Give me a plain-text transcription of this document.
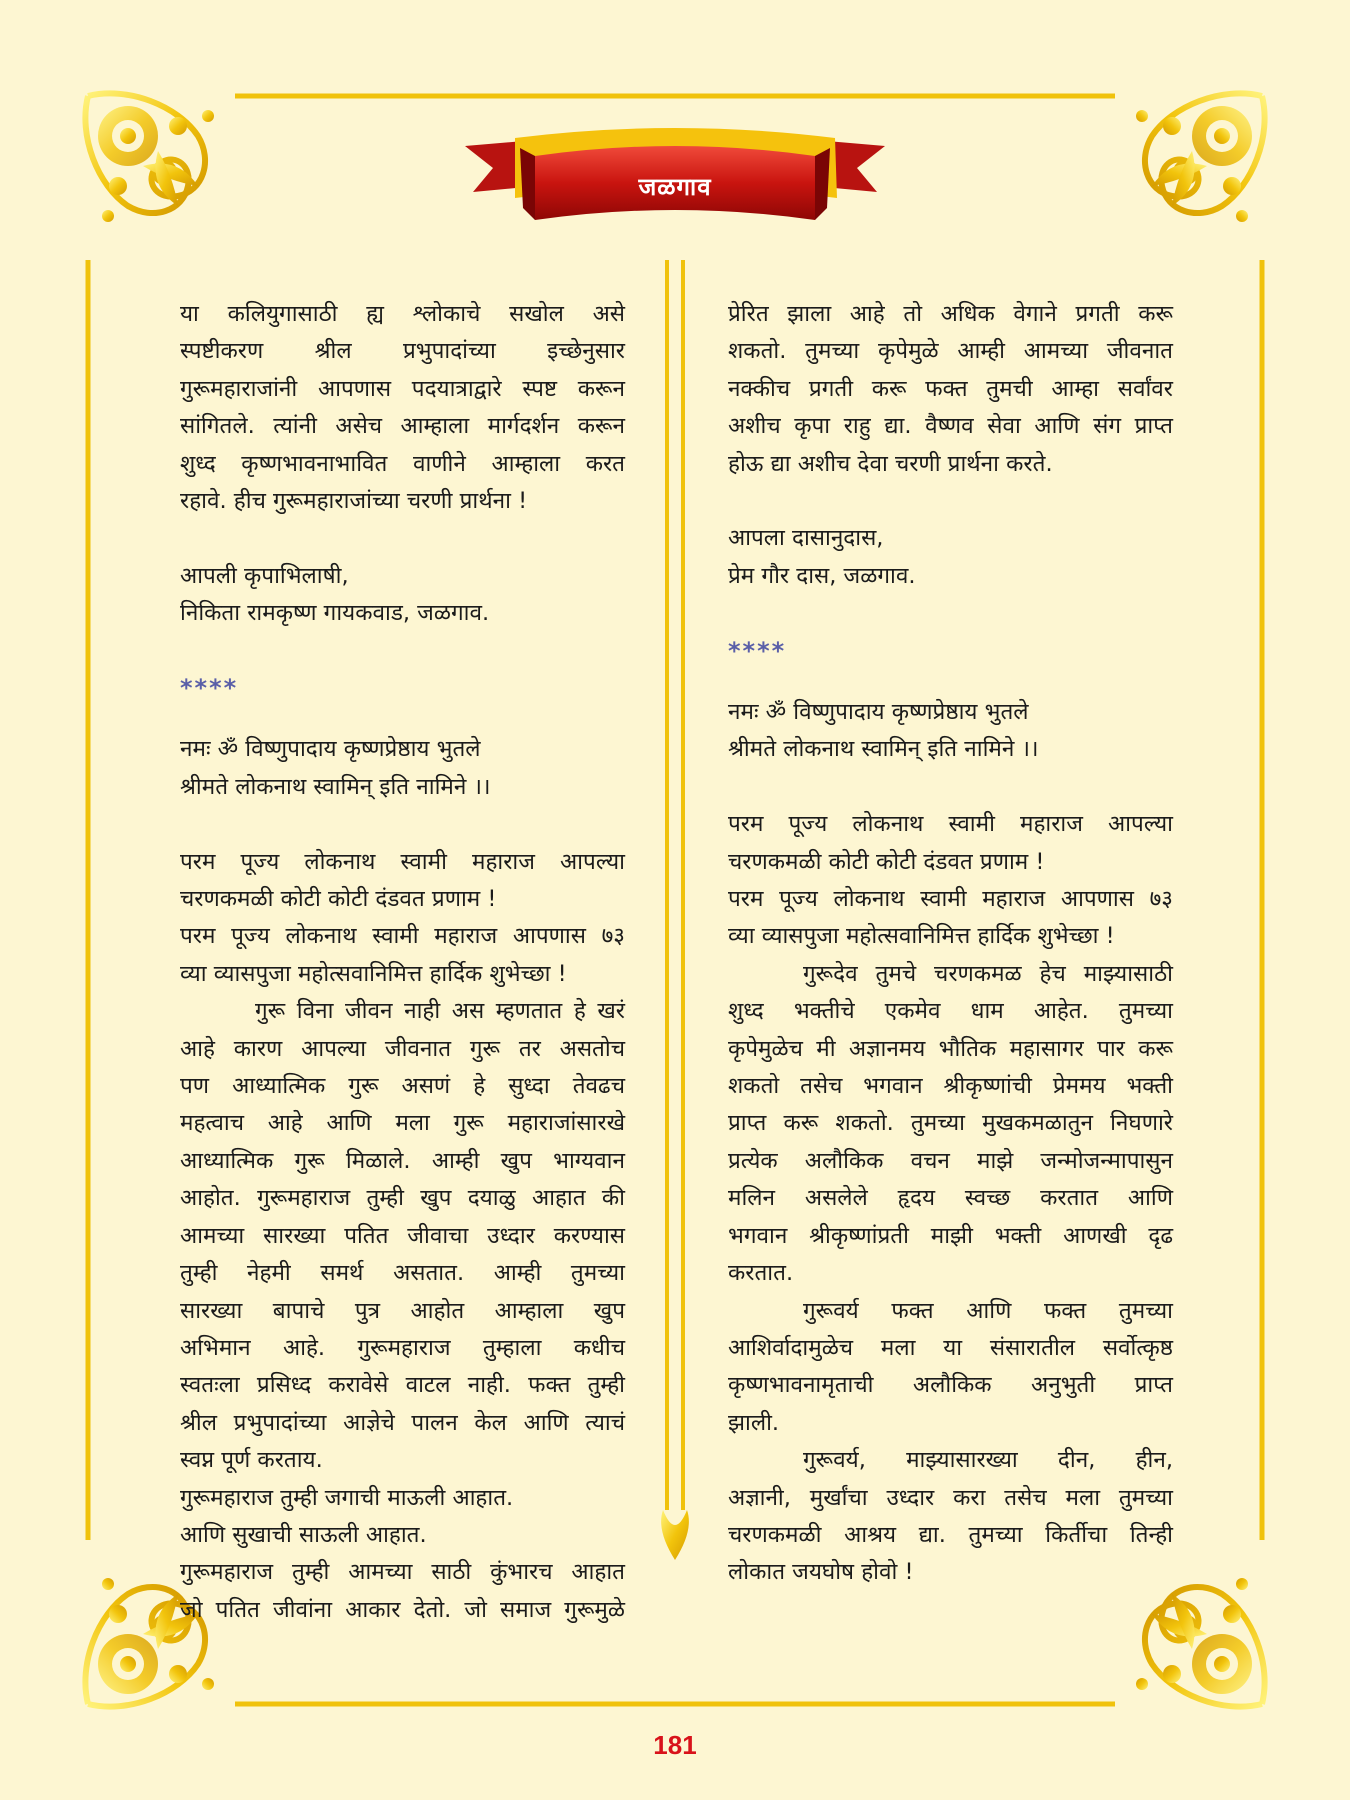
जळगाव

या कलियुगासाठी ह्य श्लोकाचे सखोल असे

स्पष्टीकरण श्रील प्रभुपादांच्या इच्छेनुसार

गुरूमहाराजांनी आपणास पदयात्राद्वारे स्पष्ट करून

सांगितले. त्यांनी असेच आम्हाला मार्गदर्शन करून

शुध्द कृष्णभावनाभावित वाणीने आम्हाला करत

रहावे. हीच गुरूमहाराजांच्या चरणी प्रार्थना !

आपली कृपाभिलाषी,

निकिता रामकृष्ण गायकवाड, जळगाव.

****

नमः ॐ विष्णुपादाय कृष्णप्रेष्ठाय भुतले

श्रीमते लोकनाथ स्वामिन् इति नामिने ।।

परम पूज्य लोकनाथ स्वामी महाराज आपल्या

चरणकमळी कोटी कोटी दंडवत प्रणाम !

परम पूज्य लोकनाथ स्वामी महाराज आपणास ७३

व्या व्यासपुजा महोत्सवानिमित्त हार्दिक शुभेच्छा !

गुरू विना जीवन नाही अस म्हणतात हे खरं

आहे कारण आपल्या जीवनात गुरू तर असतोच

पण आध्यात्मिक गुरू असणं हे सुध्दा तेवढच

महत्वाच आहे आणि मला गुरू महाराजांसारखे

आध्यात्मिक गुरू मिळाले. आम्ही खुप भाग्यवान

आहोत. गुरूमहाराज तुम्ही खुप दयाळु आहात की

आमच्या सारख्या पतित जीवाचा उध्दार करण्यास

तुम्ही नेहमी समर्थ असतात. आम्ही तुमच्या

सारख्या बापाचे पुत्र आहोत आम्हाला खुप

अभिमान आहे. गुरूमहाराज तुम्हाला कधीच

स्वतःला प्रसिध्द करावेसे वाटल नाही. फक्त तुम्ही

श्रील प्रभुपादांच्या आज्ञेचे पालन केल आणि त्याचं

स्वप्न पूर्ण करताय.

गुरूमहाराज तुम्ही जगाची माऊली आहात.

आणि सुखाची साऊली आहात.

गुरूमहाराज तुम्ही आमच्या साठी कुंभारच आहात

जो पतित जीवांना आकार देतो. जो समाज गुरूमुळे

प्रेरित झाला आहे तो अधिक वेगाने प्रगती करू

शकतो. तुमच्या कृपेमुळे आम्ही आमच्या जीवनात

नक्कीच प्रगती करू फक्त तुमची आम्हा सर्वांवर

अशीच कृपा राहु द्या. वैष्णव सेवा आणि संग प्राप्त

होऊ द्या अशीच देवा चरणी प्रार्थना करते.

आपला दासानुदास,

प्रेम गौर दास, जळगाव.

****

नमः ॐ विष्णुपादाय कृष्णप्रेष्ठाय भुतले

श्रीमते लोकनाथ स्वामिन् इति नामिने ।।

परम पूज्य लोकनाथ स्वामी महाराज आपल्या

चरणकमळी कोटी कोटी दंडवत प्रणाम !

परम पूज्य लोकनाथ स्वामी महाराज आपणास ७३

व्या व्यासपुजा महोत्सवानिमित्त हार्दिक शुभेच्छा !

गुरूदेव तुमचे चरणकमळ हेच माझ्यासाठी

शुध्द भक्तीचे एकमेव धाम आहेत. तुमच्या

कृपेमुळेच मी अज्ञानमय भौतिक महासागर पार करू

शकतो तसेच भगवान श्रीकृष्णांची प्रेममय भक्ती

प्राप्त करू शकतो. तुमच्या मुखकमळातुन निघणारे

प्रत्येक अलौकिक वचन माझे जन्मोजन्मापासुन

मलिन असलेले हृदय स्वच्छ करतात आणि

भगवान श्रीकृष्णांप्रती माझी भक्ती आणखी दृढ

करतात.

गुरूवर्य फक्त आणि फक्त तुमच्या

आशिर्वादामुळेच मला या संसारातील सर्वोत्कृष्ठ

कृष्णभावनामृताची अलौकिक अनुभुती प्राप्त

झाली.

गुरूवर्य, माझ्यासारख्या दीन, हीन,

अज्ञानी, मुर्खांचा उध्दार करा तसेच मला तुमच्या

चरणकमळी आश्रय द्या. तुमच्या किर्तीचा तिन्ही

लोकात जयघोष होवो !

181
